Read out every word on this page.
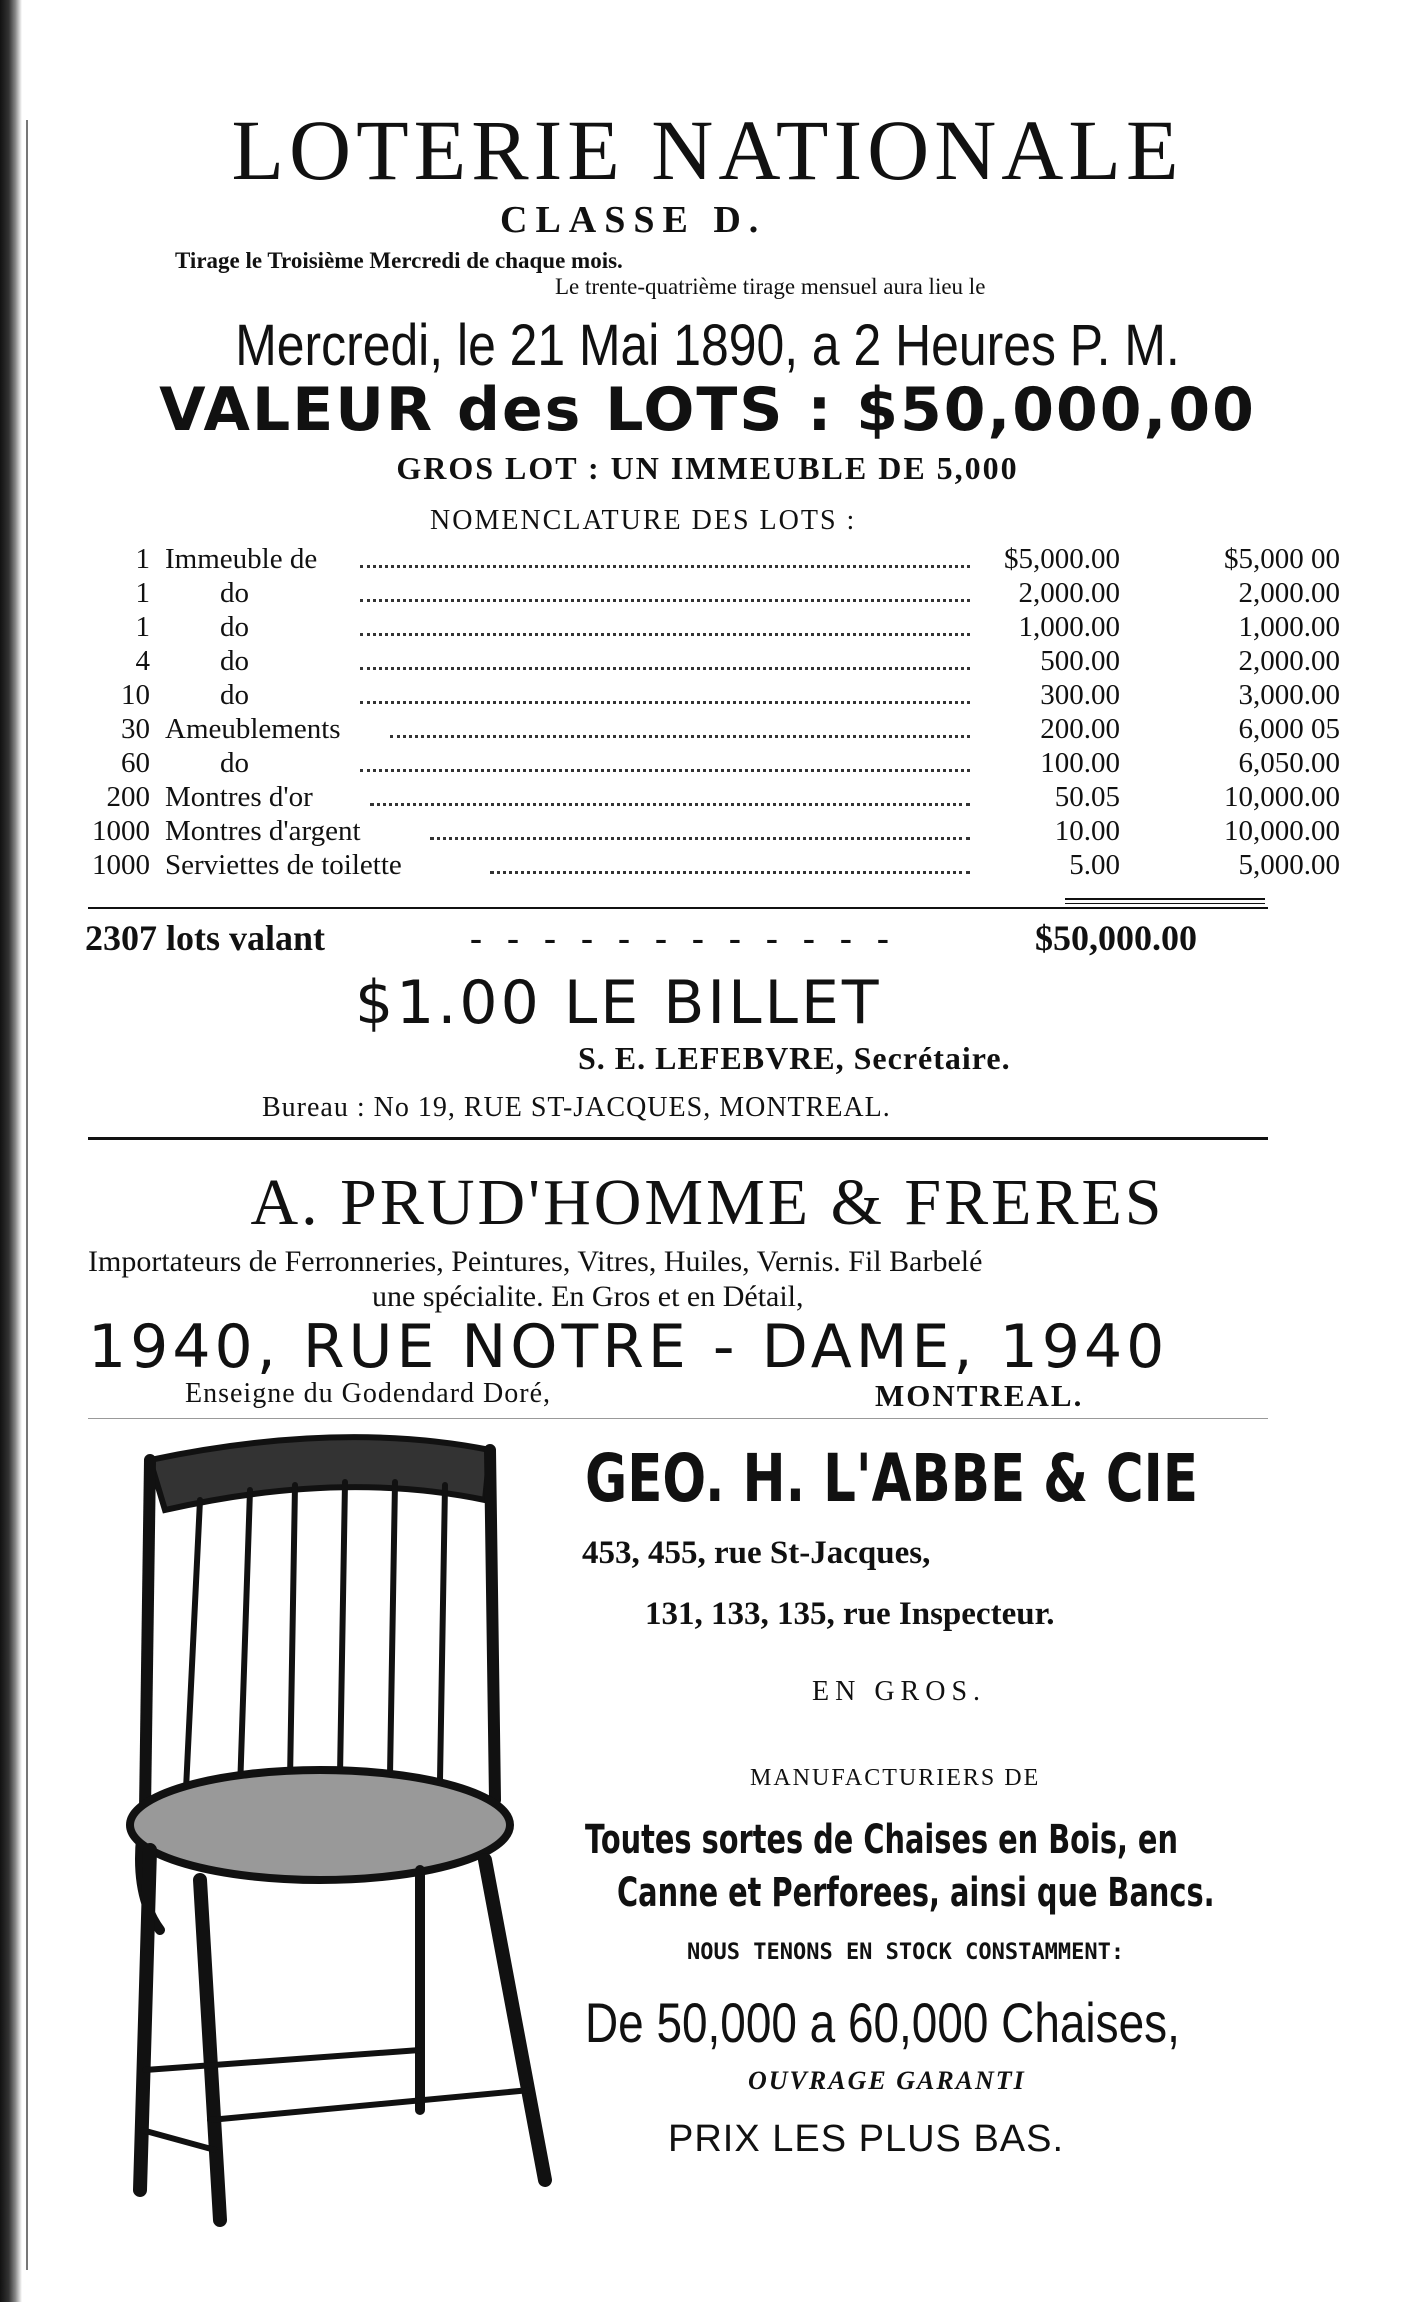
LOTERIE NATIONALE
CLASSE D.
Tirage le Troisième Mercredi de chaque mois.
Le trente-quatrième tirage mensuel aura lieu le
Mercredi, le 21 Mai 1890, a 2 Heures P. M.
VALEUR des LOTS : $50,000,00
GROS LOT : UN IMMEUBLE DE 5,000
NOMENCLATURE DES LOTS :
1 Immeuble de	$5,000.00	$5,000 00
1 do	2,000.00	2,000.00
1 do	1,000.00	1,000.00
4 do	500.00	2,000.00
10 do	300.00	3,000.00
30 Ameublements	200.00	6,000 05
60 do	100.00	6,050.00
200 Montres d'or	50.05	10,000.00
1000 Montres d'argent	10.00	10,000.00
1000 Serviettes de toilette	5.00	5,000.00
2307 lots valant	- - - - - - - - - - - -	$50,000.00
$1.00 LE BILLET
S. E. LEFEBVRE, Secrétaire.
Bureau : No 19, RUE ST-JACQUES, MONTREAL.
A. PRUD'HOMME & FRERES
Importateurs de Ferronneries, Peintures, Vitres, Huiles, Vernis. Fil Barbelé
une spécialite. En Gros et en Détail,
1940, RUE NOTRE - DAME, 1940
Enseigne du Godendard Doré,	MONTREAL.
GEO. H. L'ABBE & CIE
453, 455, rue St-Jacques,
131, 133, 135, rue Inspecteur.
EN GROS.
MANUFACTURIERS DE
Toutes sortes de Chaises en Bois, en
Canne et Perforees, ainsi que Bancs.
NOUS TENONS EN STOCK CONSTAMMENT:
De 50,000 a 60,000 Chaises,
OUVRAGE GARANTI
PRIX LES PLUS BAS.
